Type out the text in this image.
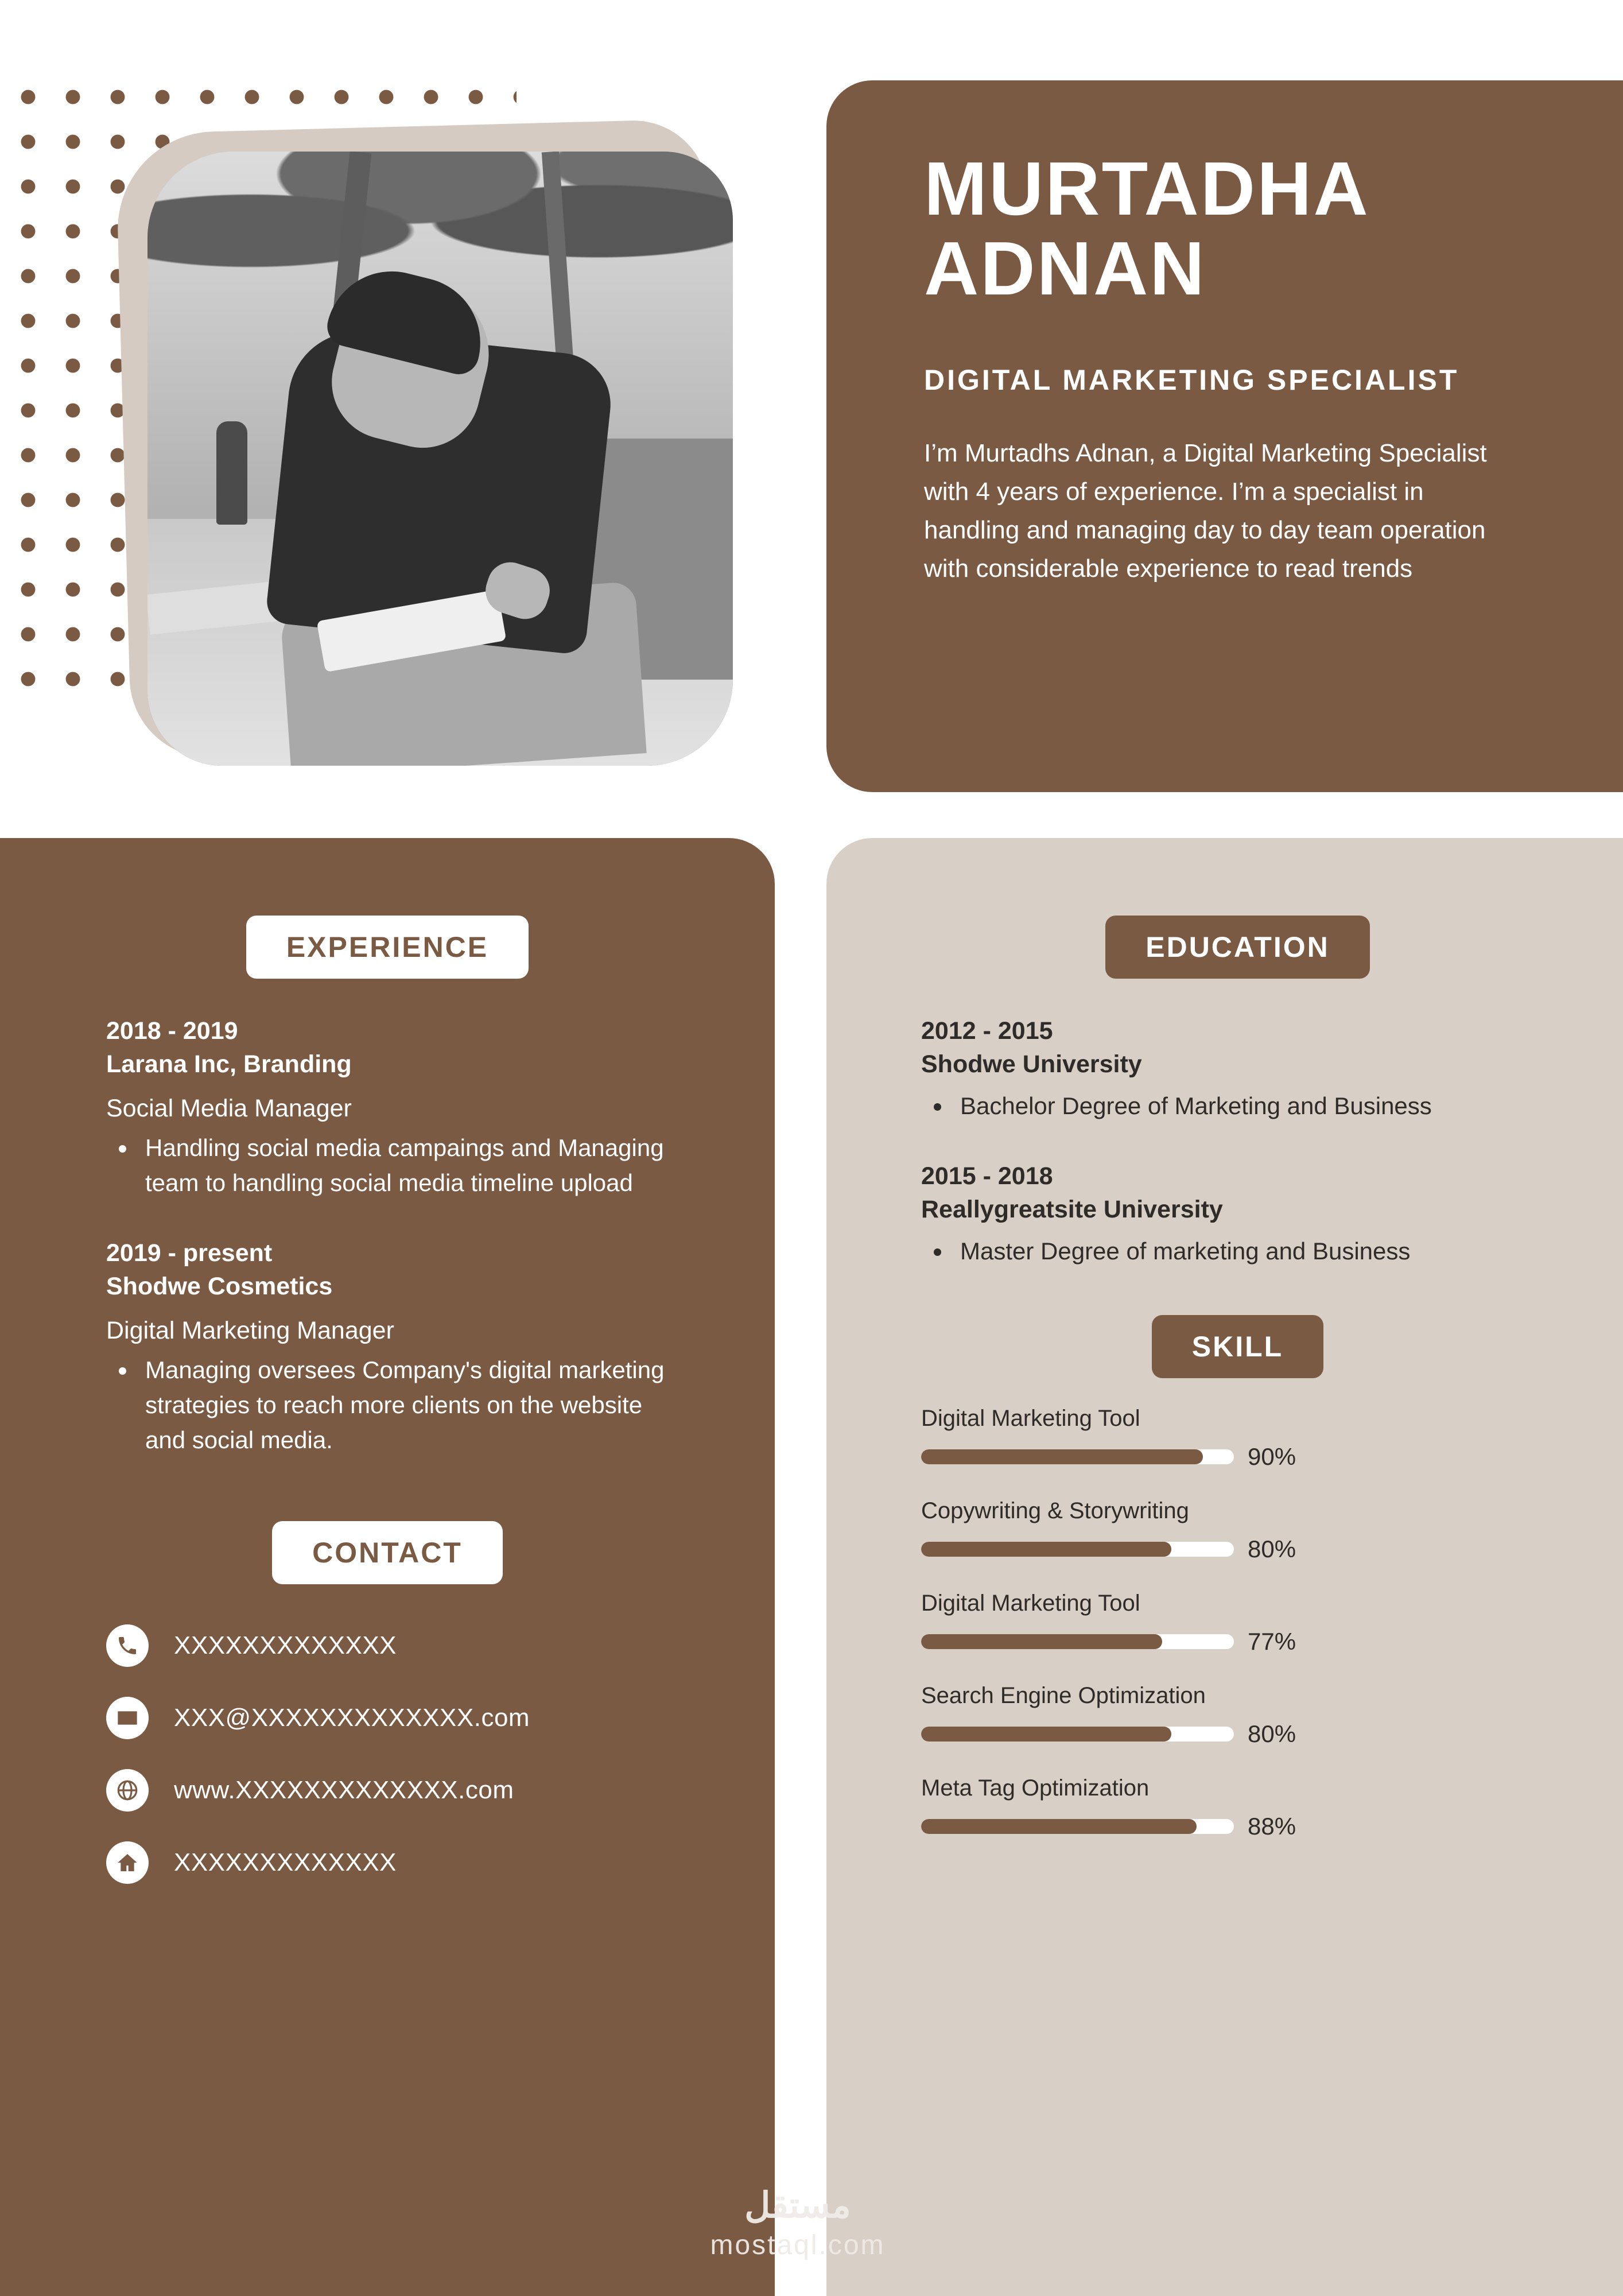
MURTADHA ADNAN
DIGITAL MARKETING SPECIALIST
I’m Murtadhs Adnan, a Digital Marketing Specialist with 4 years of experience. I’m a specialist in handling and managing day to day team operation with considerable experience to read trends
EXPERIENCE
2018 - 2019
Larana Inc, Branding
Social Media Manager
• Handling social media campaings and Managing team to handling social media timeline upload
2019 - present
Shodwe Cosmetics
Digital Marketing Manager
• Managing oversees Company's digital marketing strategies to reach more clients on the website and social media.
CONTACT
XXXXXXXXXXXXX
XXX@XXXXXXXXXXXXX.com
www.XXXXXXXXXXXXX.com
XXXXXXXXXXXXX
EDUCATION
2012 - 2015
Shodwe University
• Bachelor Degree of Marketing and Business
2015 - 2018
Reallygreatsite University
• Master Degree of marketing and Business
SKILL
Digital Marketing Tool
90%
Copywriting & Storywriting
80%
Digital Marketing Tool
77%
Search Engine Optimization
80%
Meta Tag Optimization
88%
مستقل
mostaql.com
